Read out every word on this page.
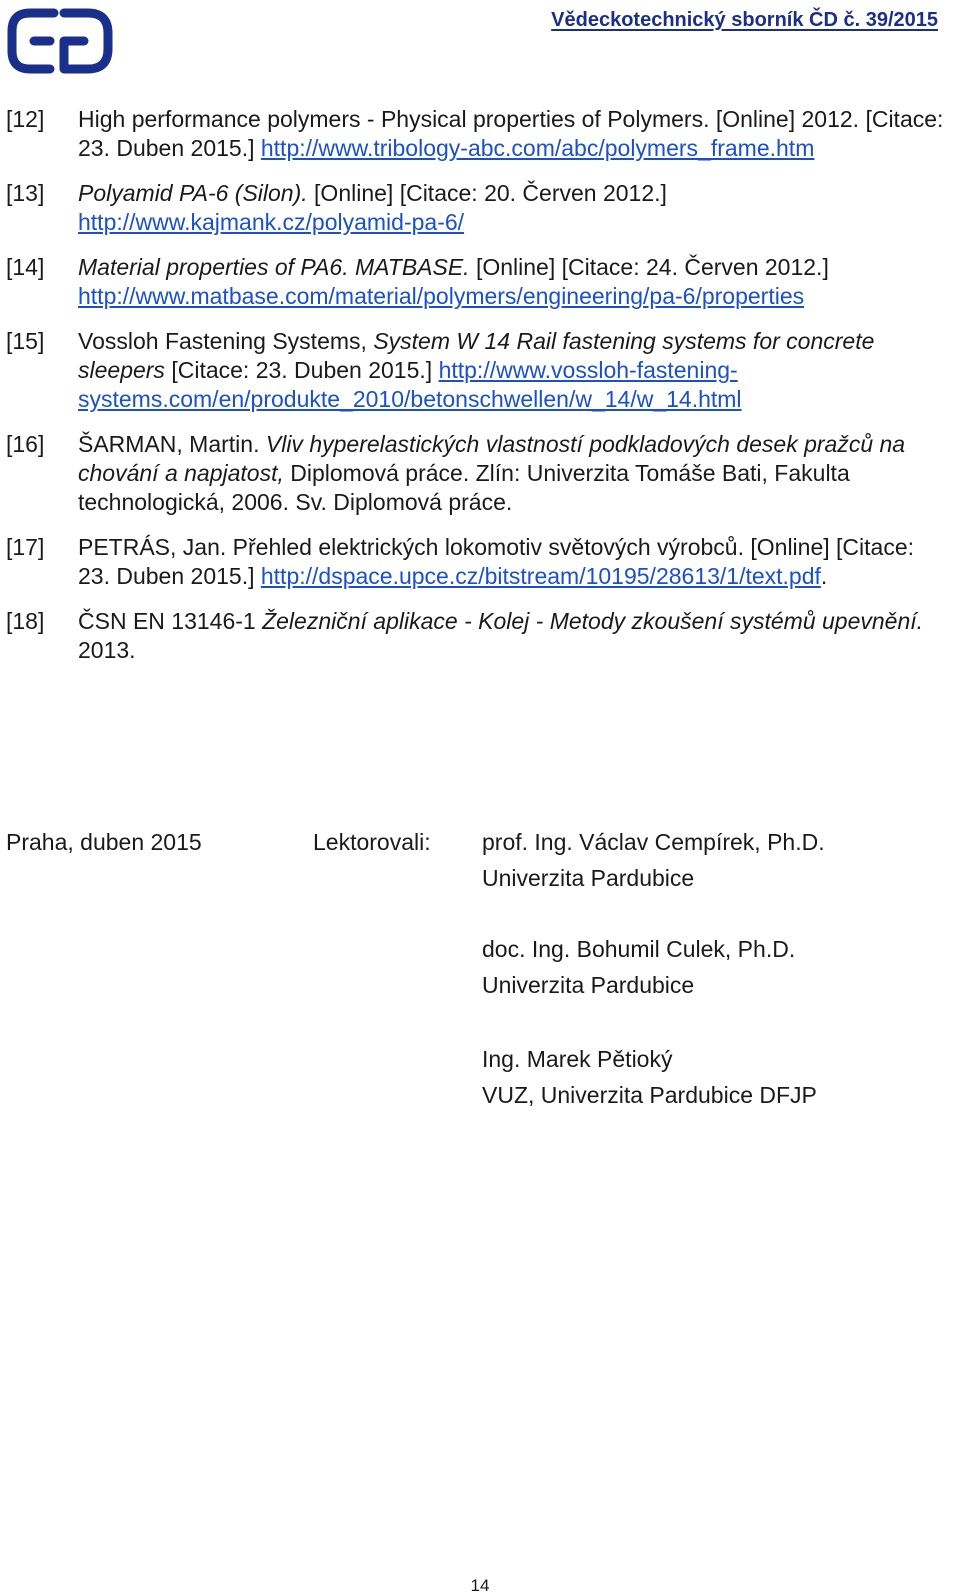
Vědeckotechnický sborník ČD č. 39/2015
[12]	High performance polymers - Physical properties of Polymers. [Online] 2012. [Citace: 23. Duben 2015.] http://www.tribology-abc.com/abc/polymers_frame.htm
[13]	Polyamid PA-6 (Silon). [Online] [Citace: 20. Červen 2012.] http://www.kajmank.cz/polyamid-pa-6/
[14]	Material properties of PA6. MATBASE. [Online] [Citace: 24. Červen 2012.] http://www.matbase.com/material/polymers/engineering/pa-6/properties
[15]	Vossloh Fastening Systems, System W 14 Rail fastening systems for concrete sleepers [Citace: 23. Duben 2015.] http://www.vossloh-fastening-systems.com/en/produkte_2010/betonschwellen/w_14/w_14.html
[16]	ŠARMAN, Martin. Vliv hyperelastických vlastností podkladových desek pražců na chování a napjatost, Diplomová práce. Zlín: Univerzita Tomáše Bati, Fakulta technologická, 2006. Sv. Diplomová práce.
[17]	PETRÁS, Jan. Přehled elektrických lokomotiv světových výrobců. [Online] [Citace: 23. Duben 2015.] http://dspace.upce.cz/bitstream/10195/28613/1/text.pdf.
[18]	ČSN EN 13146-1 Železniční aplikace - Kolej - Metody zkoušení systémů upevnění. 2013.
Praha, duben 2015	Lektorovali: prof. Ing. Václav Cempírek, Ph.D.
Univerzita Pardubice
doc. Ing. Bohumil Culek, Ph.D.
Univerzita Pardubice
Ing. Marek Pětioký
VUZ, Univerzita Pardubice DFJP
14
